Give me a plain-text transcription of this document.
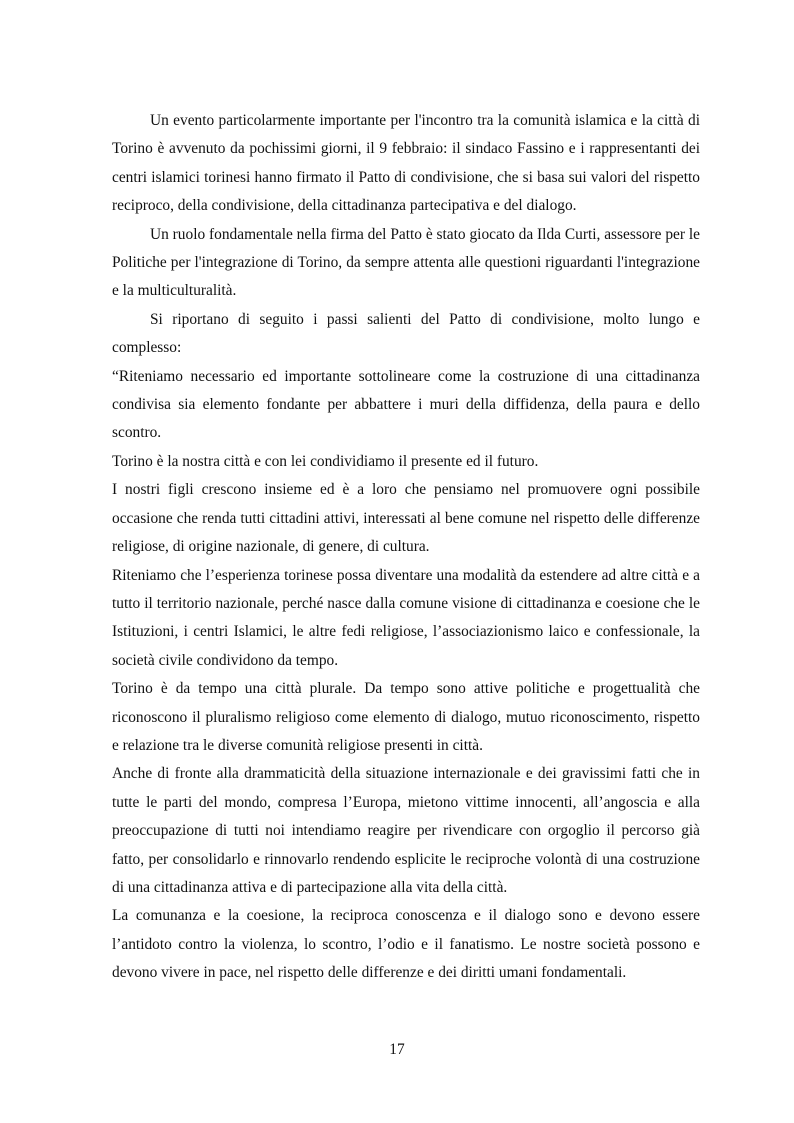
Un evento particolarmente importante per l'incontro tra la comunità islamica e la città di Torino è avvenuto da pochissimi giorni, il 9 febbraio: il sindaco Fassino e i rappresentanti dei centri islamici torinesi hanno firmato il Patto di condivisione, che si basa sui valori del rispetto reciproco, della condivisione, della cittadinanza partecipativa e del dialogo.

Un ruolo fondamentale nella firma del Patto è stato giocato da Ilda Curti, assessore per le Politiche per l'integrazione di Torino, da sempre attenta alle questioni riguardanti l'integrazione e la multiculturalità.

Si riportano di seguito i passi salienti del Patto di condivisione, molto lungo e complesso:

“Riteniamo necessario ed importante sottolineare come la costruzione di una cittadinanza condivisa sia elemento fondante per abbattere i muri della diffidenza, della paura e dello scontro.

Torino è la nostra città e con lei condividiamo il presente ed il futuro.

I nostri figli crescono insieme ed è a loro che pensiamo nel promuovere ogni possibile occasione che renda tutti cittadini attivi, interessati al bene comune nel rispetto delle differenze religiose, di origine nazionale, di genere, di cultura.

Riteniamo che l’esperienza torinese possa diventare una modalità da estendere ad altre città e a tutto il territorio nazionale, perché nasce dalla comune visione di cittadinanza e coesione che le Istituzioni, i centri Islamici, le altre fedi religiose, l’associazionismo laico e confessionale, la società civile condividono da tempo.

Torino è da tempo una città plurale. Da tempo sono attive politiche e progettualità che riconoscono il pluralismo religioso come elemento di dialogo, mutuo riconoscimento, rispetto e relazione tra le diverse comunità religiose presenti in città.

Anche di fronte alla drammaticità della situazione internazionale e dei gravissimi fatti che in tutte le parti del mondo, compresa l’Europa, mietono vittime innocenti, all’angoscia e alla preoccupazione di tutti noi intendiamo reagire per rivendicare con orgoglio il percorso già fatto, per consolidarlo e rinnovarlo rendendo esplicite le reciproche volontà di una costruzione di una cittadinanza attiva e di partecipazione alla vita della città.

La comunanza e la coesione, la reciproca conoscenza e il dialogo sono e devono essere l’antidoto contro la violenza, lo scontro, l’odio e il fanatismo. Le nostre società possono e devono vivere in pace, nel rispetto delle differenze e dei diritti umani fondamentali.

17
